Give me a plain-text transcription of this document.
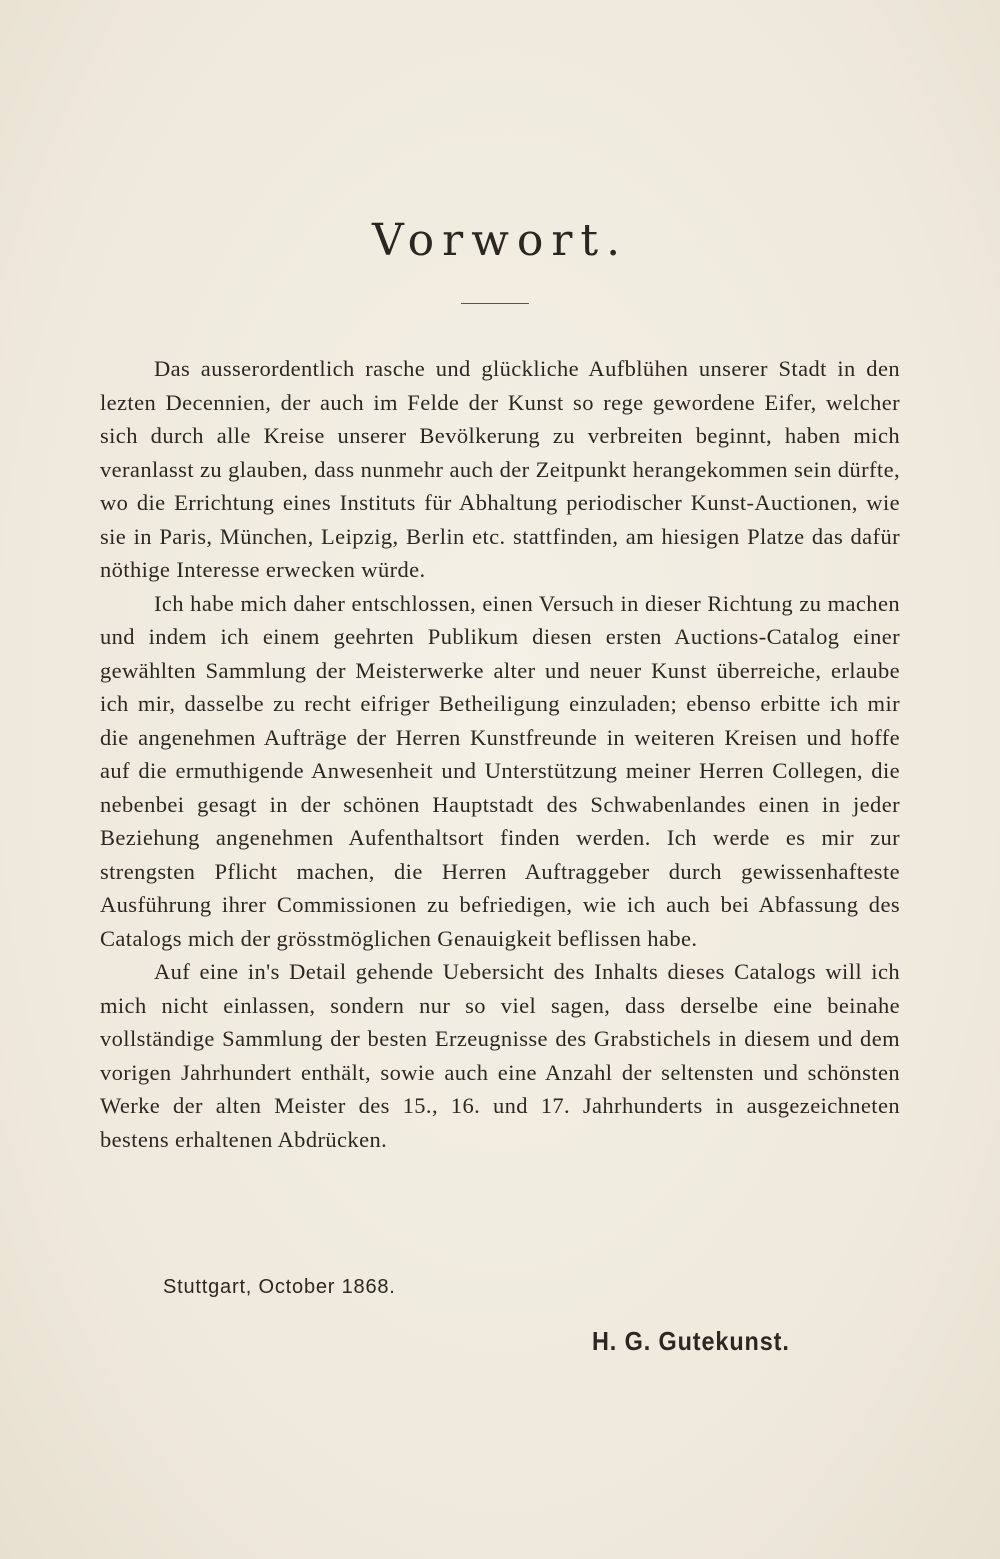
Vorwort.

Das ausserordentlich rasche und glückliche Aufblühen unserer Stadt in den lezten Decennien, der auch im Felde der Kunst so rege gewordene Eifer, welcher sich durch alle Kreise unserer Bevölkerung zu verbreiten beginnt, haben mich veranlasst zu glauben, dass nunmehr auch der Zeitpunkt herangekommen sein dürfte, wo die Errichtung eines Instituts für Abhaltung periodischer Kunst-Auctionen, wie sie in Paris, München, Leipzig, Berlin etc. stattfinden, am hiesigen Platze das dafür nöthige Interesse erwecken würde.

Ich habe mich daher entschlossen, einen Versuch in dieser Richtung zu machen und indem ich einem geehrten Publikum diesen ersten Auctions-Catalog einer gewählten Sammlung der Meisterwerke alter und neuer Kunst überreiche, erlaube ich mir, dasselbe zu recht eifriger Betheiligung einzuladen; ebenso erbitte ich mir die angenehmen Aufträge der Herren Kunstfreunde in weiteren Kreisen und hoffe auf die ermuthigende Anwesenheit und Unterstützung meiner Herren Collegen, die nebenbei gesagt in der schönen Hauptstadt des Schwabenlandes einen in jeder Beziehung angenehmen Aufenthaltsort finden werden. Ich werde es mir zur strengsten Pflicht machen, die Herren Auftraggeber durch gewissenhafteste Ausführung ihrer Commissionen zu befriedigen, wie ich auch bei Abfassung des Catalogs mich der grösstmöglichen Genauigkeit beflissen habe.

Auf eine in's Detail gehende Uebersicht des Inhalts dieses Catalogs will ich mich nicht einlassen, sondern nur so viel sagen, dass derselbe eine beinahe vollständige Sammlung der besten Erzeugnisse des Grabstichels in diesem und dem vorigen Jahrhundert enthält, sowie auch eine Anzahl der seltensten und schönsten Werke der alten Meister des 15., 16. und 17. Jahrhunderts in ausgezeichneten bestens erhaltenen Abdrücken.

Stuttgart, October 1868.
H. G. Gutekunst.
